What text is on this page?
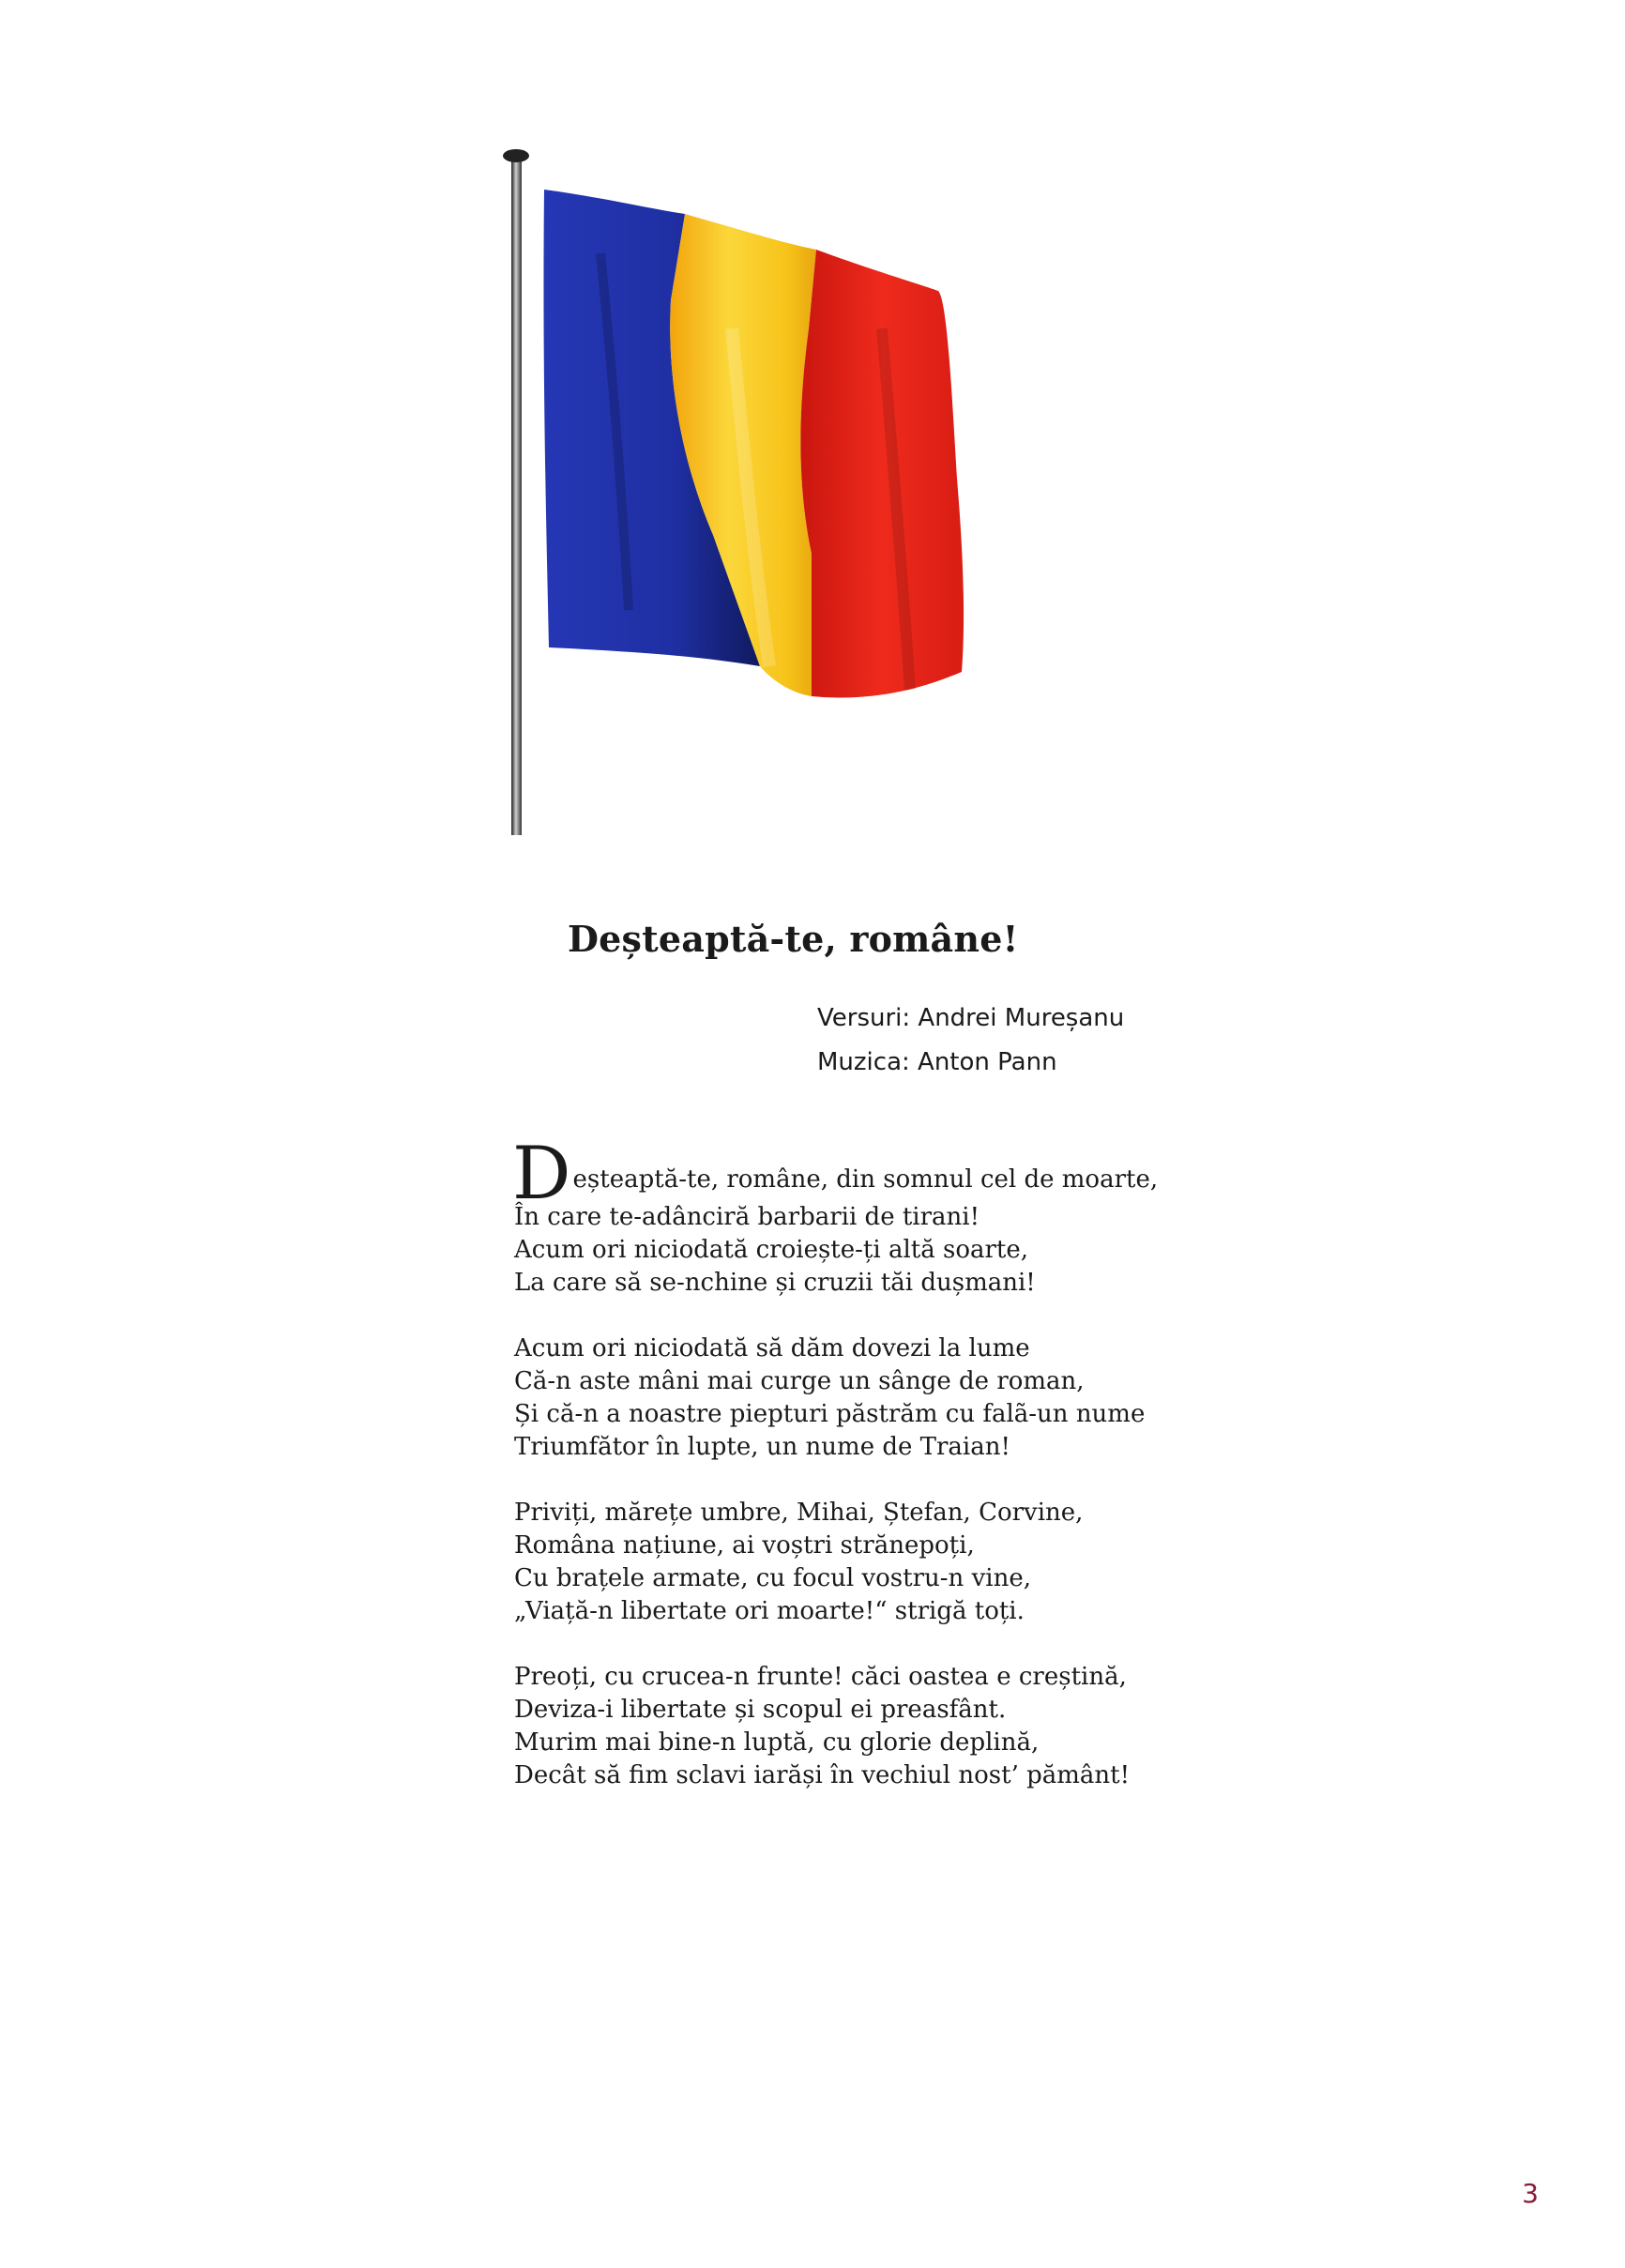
Deșteaptă-te, române!
Versuri: Andrei Mureșanu
Muzica: Anton Pann
D eșteaptă-te, române, din somnul cel de moarte,
În care te-adânciră barbarii de tirani!
Acum ori niciodată croiește-ți altă soarte,
La care să se-nchine și cruzii tăi dușmani!
Acum ori niciodată să dăm dovezi la lume
Că-n aste mâni mai curge un sânge de roman,
Și că-n a noastre piepturi păstrăm cu falã-un nume
Triumfător în lupte, un nume de Traian!
Priviți, mărețe umbre, Mihai, Ștefan, Corvine,
Româna națiune, ai voștri strănepoți,
Cu brațele armate, cu focul vostru-n vine,
„Viață-n libertate ori moarte!“ strigă toți.
Preoți, cu crucea-n frunte! căci oastea e creștină,
Deviza-i libertate și scopul ei preasfânt.
Murim mai bine-n luptă, cu glorie deplină,
Decât să fim sclavi iarăși în vechiul nost’ pământ!
3
